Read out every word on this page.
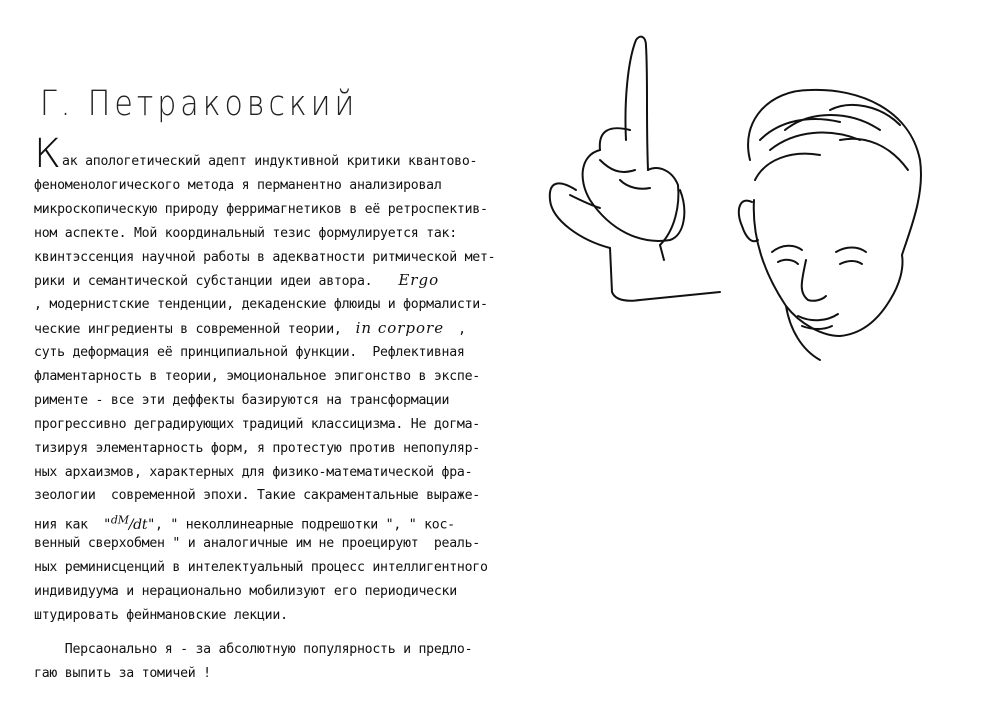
Г. Петраковский
Как апологетический адепт индуктивной критики квантово-
феноменологического метода я перманентно анализировал
микроскопическую природу ферримагнетиков в её ретроспектив-
ном аспекте. Мой координальный тезис формулируется так:
квинтэссенция научной работы в адекватности ритмической мет-
рики и семантической субстанции идеи автора. Ergo
, модернистские тенденции, декаденские флюиды и формалисти-
ческие ингредиенты в современной теории, in corpore ,
суть деформация её принципиальной функции.  Рефлективная
фламентарность в теории, эмоциональное эпигонство в экспе-
рименте - все эти деффекты базируются на трансформации
прогрессивно деградирующих традиций классицизма. Не догма-
тизируя элементарность форм, я протестую против непопуляр-
ных архаизмов, характерных для физико-математической фра-
зеологии  современной эпохи. Такие сакраментальные выраже-
ния как  "$^{dM}$/dt", " неколлинеарные подрешотки ", " кос-
венный сверхобмен " и аналогичные им не проецируют  реаль-
ных реминисценций в интелектуальный процесс интеллигентного
индивидуума и нерационально мобилизуют его периодически
штудировать фейнмановские лекции.
Персаонально я - за абсолютную популярность и предло-
гаю выпить за томичей !
